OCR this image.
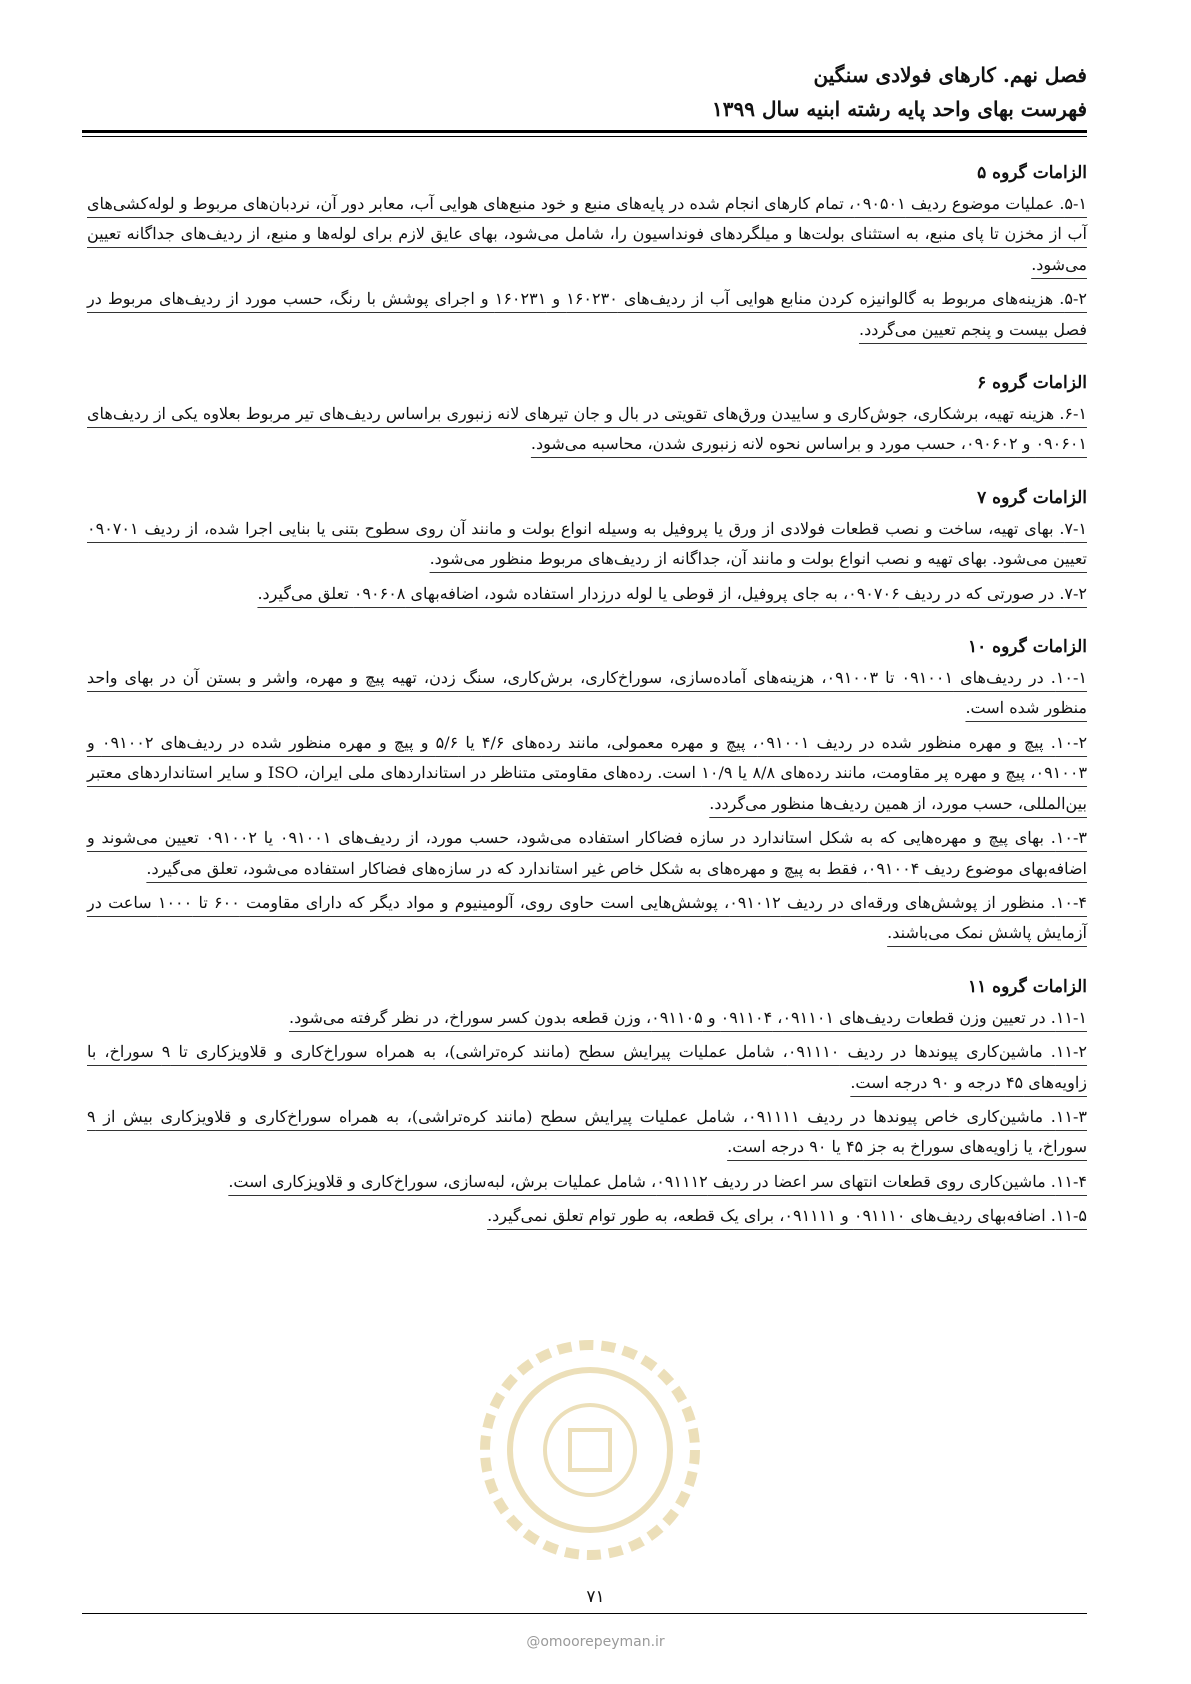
فصل نهم. کارهای فولادی سنگین
فهرست بهای واحد پایه رشته ابنیه سال ۱۳۹۹

الزامات گروه ۵

۵-۱. عملیات موضوع ردیف ۰۹۰۵۰۱، تمام کارهای انجام شده در پایه‌های منبع و خود منبع‌های هوایی آب، معابر دور آن، نردبان‌های مربوط و لوله‌کشی‌های آب از مخزن تا پای منبع، به استثنای بولت‌ها و میلگردهای فونداسیون را، شامل می‌شود، بهای عایق لازم برای لوله‌ها و منبع، از ردیف‌های جداگانه تعیین می‌شود.

۵-۲. هزینه‌های مربوط به گالوانیزه کردن منابع هوایی آب از ردیف‌های ۱۶۰۲۳۰ و ۱۶۰۲۳۱ و اجرای پوشش با رنگ، حسب مورد از ردیف‌های مربوط در فصل بیست و پنجم تعیین می‌گردد.

الزامات گروه ۶

۶-۱. هزینه تهیه، برشکاری، جوش‌کاری و ساییدن ورق‌های تقویتی در بال و جان تیرهای لانه زنبوری براساس ردیف‌های تیر مربوط بعلاوه یکی از ردیف‌های ۰۹۰۶۰۱ و ۰۹۰۶۰۲، حسب مورد و براساس نحوه لانه زنبوری شدن، محاسبه می‌شود.

الزامات گروه ۷

۷-۱. بهای تهیه، ساخت و نصب قطعات فولادی از ورق یا پروفیل به وسیله انواع بولت و مانند آن روی سطوح بتنی یا بنایی اجرا شده، از ردیف ۰۹۰۷۰۱ تعیین می‌شود. بهای تهیه و نصب انواع بولت و مانند آن، جداگانه از ردیف‌های مربوط منظور می‌شود.

۷-۲. در صورتی که در ردیف ۰۹۰۷۰۶، به جای پروفیل، از قوطی یا لوله درزدار استفاده شود، اضافه‌بهای ۰۹۰۶۰۸ تعلق می‌گیرد.

الزامات گروه ۱۰

۱۰-۱. در ردیف‌های ۰۹۱۰۰۱ تا ۰۹۱۰۰۳، هزینه‌های آماده‌سازی، سوراخ‌کاری، برش‌کاری، سنگ زدن، تهیه پیچ و مهره، واشر و بستن آن در بهای واحد منظور شده است.

۱۰-۲. پیچ و مهره منظور شده در ردیف ۰۹۱۰۰۱، پیچ و مهره معمولی، مانند رده‌های ۴/۶ یا ۵/۶ و پیچ و مهره منظور شده در ردیف‌های ۰۹۱۰۰۲ و ۰۹۱۰۰۳، پیچ و مهره پر مقاومت، مانند رده‌های ۸/۸ یا ۱۰/۹ است. رده‌های مقاومتی متناظر در استانداردهای ملی ایران، ISO و سایر استانداردهای معتبر بین‌المللی، حسب مورد، از همین ردیف‌ها منظور می‌گردد.

۱۰-۳. بهای پیچ و مهره‌هایی که به شکل استاندارد در سازه فضاکار استفاده می‌شود، حسب مورد، از ردیف‌های ۰۹۱۰۰۱ یا ۰۹۱۰۰۲ تعیین می‌شوند و اضافه‌بهای موضوع ردیف ۰۹۱۰۰۴، فقط به پیچ و مهره‌های به شکل خاص غیر استاندارد که در سازه‌های فضاکار استفاده می‌شود، تعلق می‌گیرد.

۱۰-۴. منظور از پوشش‌های ورقه‌ای در ردیف ۰۹۱۰۱۲، پوشش‌هایی است حاوی روی، آلومینیوم و مواد دیگر که دارای مقاومت ۶۰۰ تا ۱۰۰۰ ساعت در آزمایش پاشش نمک می‌باشند.

الزامات گروه ۱۱

۱۱-۱. در تعیین وزن قطعات ردیف‌های ۰۹۱۱۰۱، ۰۹۱۱۰۴ و ۰۹۱۱۰۵، وزن قطعه بدون کسر سوراخ، در نظر گرفته می‌شود.

۱۱-۲. ماشین‌کاری پیوندها در ردیف ۰۹۱۱۱۰، شامل عملیات پیرایش سطح (مانند کره‌تراشی)، به همراه سوراخ‌کاری و قلاویزکاری تا ۹ سوراخ، با زاویه‌های ۴۵ درجه و ۹۰ درجه است.

۱۱-۳. ماشین‌کاری خاص پیوندها در ردیف ۰۹۱۱۱۱، شامل عملیات پیرایش سطح (مانند کره‌تراشی)، به همراه سوراخ‌کاری و قلاویزکاری بیش از ۹ سوراخ، یا زاویه‌های سوراخ به جز ۴۵ یا ۹۰ درجه است.

۱۱-۴. ماشین‌کاری روی قطعات انتهای سر اعضا در ردیف ۰۹۱۱۱۲، شامل عملیات برش، لبه‌سازی، سوراخ‌کاری و قلاویزکاری است.

۱۱-۵. اضافه‌بهای ردیف‌های ۰۹۱۱۱۰ و ۰۹۱۱۱۱، برای یک قطعه، به طور توام تعلق نمی‌گیرد.

۷۱
@omoorepeyman.ir
